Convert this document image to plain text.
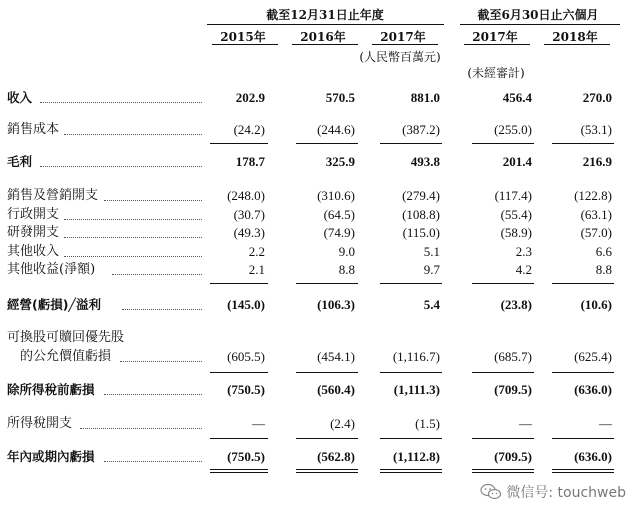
截至12月31日止年度	截至6月30日止六個月
2015年	2016年	2017年	2017年	2018年
(人民幣百萬元)
(未經審計)
收入	202.9	570.5	881.0	456.4	270.0
銷售成本	(24.2)	(244.6)	(387.2)	(255.0)	(53.1)
毛利	178.7	325.9	493.8	201.4	216.9
銷售及營銷開支	(248.0)	(310.6)	(279.4)	(117.4)	(122.8)
行政開支	(30.7)	(64.5)	(108.8)	(55.4)	(63.1)
研發開支	(49.3)	(74.9)	(115.0)	(58.9)	(57.0)
其他收入	2.2	9.0	5.1	2.3	6.6
其他收益(淨額)	2.1	8.8	9.7	4.2	8.8
經營(虧損)╱溢利	(145.0)	(106.3)	5.4	(23.8)	(10.6)
可換股可贖回優先股
的公允價值虧損	(605.5)	(454.1)	(1,116.7)	(685.7)	(625.4)
除所得稅前虧損	(750.5)	(560.4)	(1,111.3)	(709.5)	(636.0)
所得稅開支	—	(2.4)	(1.5)	—	—
年內或期內虧損	(750.5)	(562.8)	(1,112.8)	(709.5)	(636.0)
微信号: touchweb
